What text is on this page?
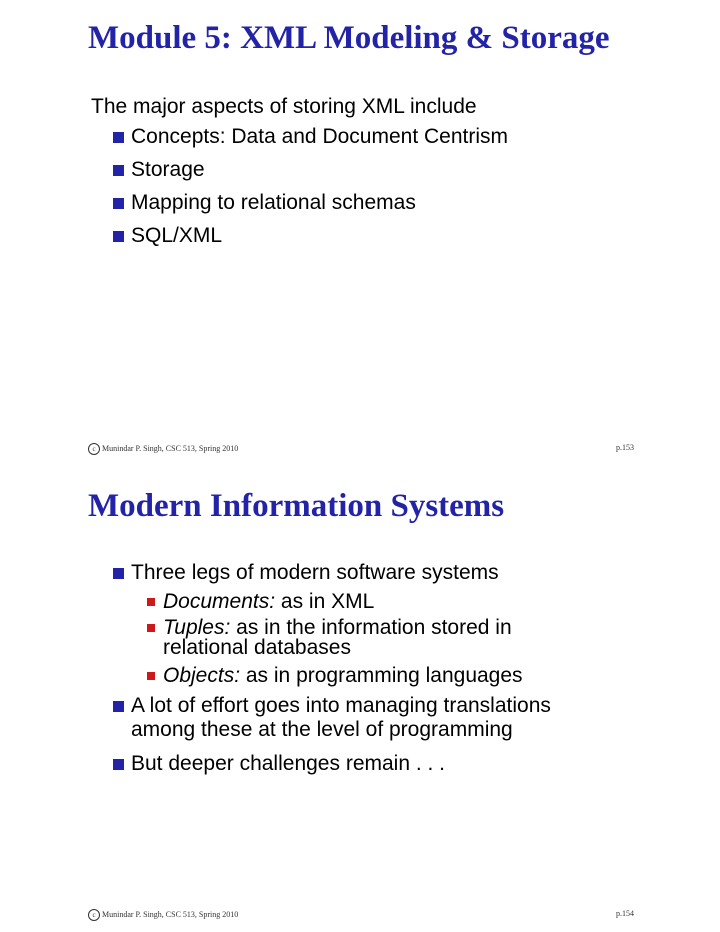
Module 5: XML Modeling & Storage
The major aspects of storing XML include
Concepts: Data and Document Centrism
Storage
Mapping to relational schemas
SQL/XML
c Munindar P. Singh, CSC 513, Spring 2010	p.153
Modern Information Systems
Three legs of modern software systems
Documents: as in XML
Tuples: as in the information stored in
relational databases
Objects: as in programming languages
A lot of effort goes into managing translations
among these at the level of programming
But deeper challenges remain . . .
c Munindar P. Singh, CSC 513, Spring 2010	p.154
